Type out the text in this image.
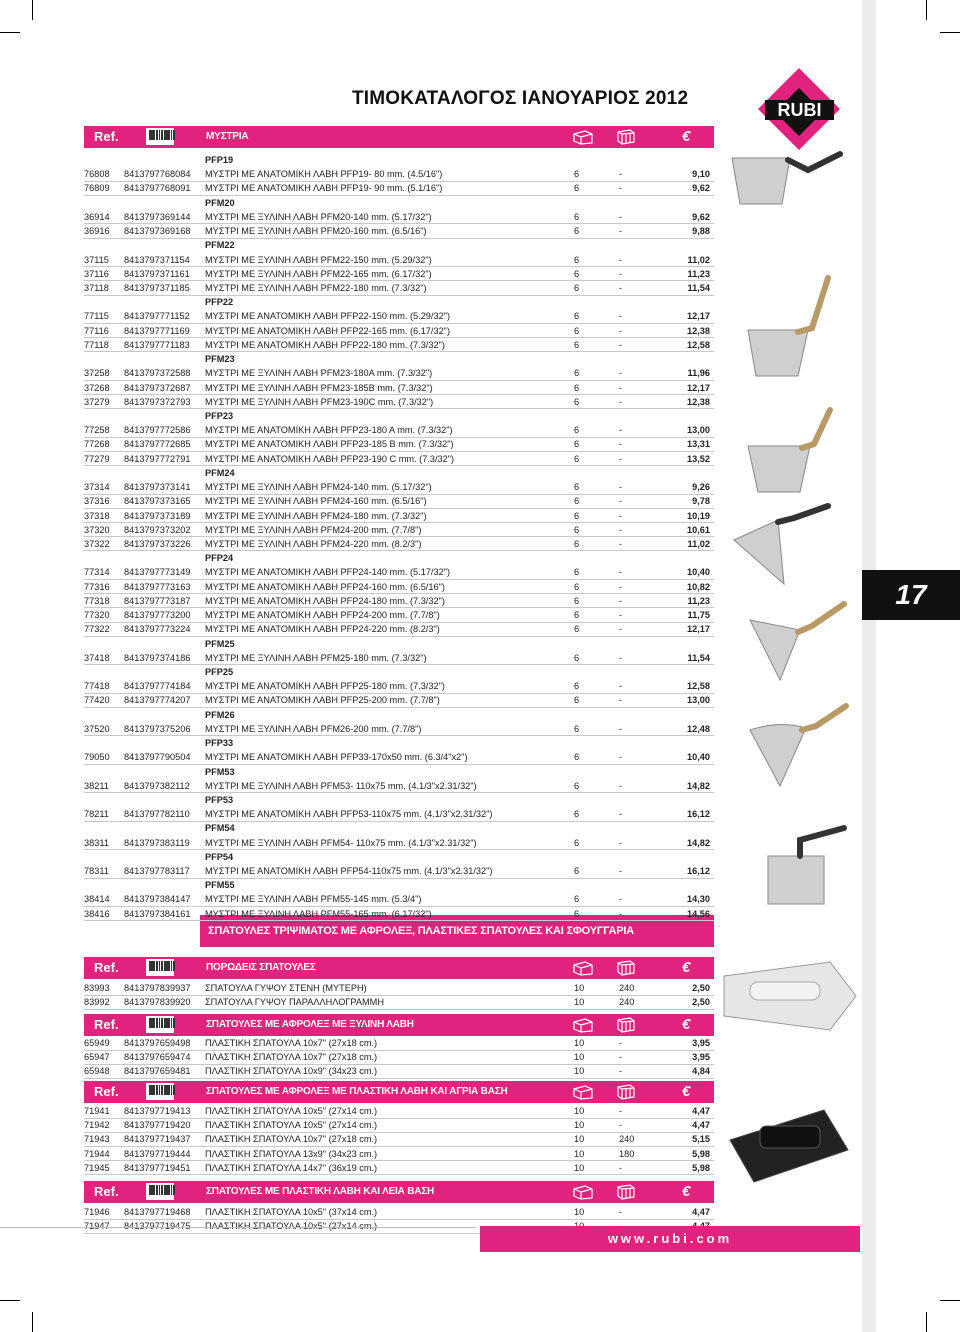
ΤΙΜΟΚΑΤΑΛΟΓΟΣ ΙΑΝΟΥΑΡΙΟΣ 2012
RUBI
17
ΣΠΑΤΟΥΛΕΣ ΤΡΙΨΙΜΑΤΟΣ ΜΕ ΑΦΡΟΛΕΞ, ΠΛΑΣΤΙΚΕΣ ΣΠΑΤΟΥΛΕΣ ΚΑΙ ΣΦΟΥΓΓΑΡΙΑ
Ref.	ΜΥΣΤΡΙΑ	€
Ref.	ΠΟΡΩΔΕΙΣ ΣΠΑΤΟΥΛΕΣ	€
Ref.	ΣΠΑΤΟΥΛΕΣ ΜΕ ΑΦΡΟΛΕΞ ΜΕ ΞΥΛΙΝΗ ΛΑΒΗ	€
Ref.	ΣΠΑΤΟΥΛΕΣ ΜΕ ΑΦΡΟΛΕΞ ΜΕ ΠΛΑΣΤΙΚΗ ΛΑΒΗ ΚΑΙ ΑΓΡΙΑ ΒΑΣΗ	€
Ref.	ΣΠΑΤΟΥΛΕΣ ΜΕ ΠΛΑΣΤΙΚΗ ΛΑΒΗ ΚΑΙ ΛΕΙΑ ΒΑΣΗ	€
PFP19
76808 8413797768084 ΜΥΣΤΡΙ ΜΕ ΑΝΑΤΟΜΙΚΗ ΛΑΒΗ PFP19- 80 mm. (4.5/16")	6	-	9,10
76809 8413797768091 ΜΥΣΤΡΙ ΜΕ ΑΝΑΤΟΜΙΚΗ ΛΑΒΗ PFP19- 90 mm. (5.1/16")	6	-	9,62
PFM20
36914 8413797369144 ΜΥΣΤΡΙ ΜΕ ΞΥΛΙΝΗ ΛΑΒΗ PFM20-140 mm. (5.17/32")	6	-	9,62
36916 8413797369168 ΜΥΣΤΡΙ ΜΕ ΞΥΛΙΝΗ ΛΑΒΗ PFM20-160 mm. (6.5/16")	6	-	9,88
PFM22
37115 8413797371154 ΜΥΣΤΡΙ ΜΕ ΞΥΛΙΝΗ ΛΑΒΗ PFM22-150 mm. (5.29/32")	6	-	11,02
37116 8413797371161 ΜΥΣΤΡΙ ΜΕ ΞΥΛΙΝΗ ΛΑΒΗ PFM22-165 mm. (6.17/32")	6	-	11,23
37118 8413797371185 ΜΥΣΤΡΙ ΜΕ ΞΥΛΙΝΗ ΛΑΒΗ PFM22-180 mm. (7.3/32")	6	-	11,54
PFP22
77115 8413797771152 ΜΥΣΤΡΙ ΜΕ ΑΝΑΤΟΜΙΚΗ ΛΑΒΗ PFP22-150 mm. (5.29/32")	6	-	12,17
77116 8413797771169 ΜΥΣΤΡΙ ΜΕ ΑΝΑΤΟΜΙΚΗ ΛΑΒΗ PFP22-165 mm. (6.17/32")	6	-	12,38
77118 8413797771183 ΜΥΣΤΡΙ ΜΕ ΑΝΑΤΟΜΙΚΗ ΛΑΒΗ PFP22-180 mm. (7.3/32")	6	-	12,58
PFM23
37258 8413797372588 ΜΥΣΤΡΙ ΜΕ ΞΥΛΙΝΗ ΛΑΒΗ PFM23-180A mm. (7.3/32")	6	-	11,96
37268 8413797372687 ΜΥΣΤΡΙ ΜΕ ΞΥΛΙΝΗ ΛΑΒΗ PFM23-185B mm. (7.3/32")	6	-	12,17
37279 8413797372793 ΜΥΣΤΡΙ ΜΕ ΞΥΛΙΝΗ ΛΑΒΗ PFM23-190C mm. (7.3/32")	6	-	12,38
PFP23
77258 8413797772586 ΜΥΣΤΡΙ ΜΕ ΑΝΑΤΟΜΙΚΗ ΛΑΒΗ PFP23-180 A mm. (7.3/32")	6	-	13,00
77268 8413797772685 ΜΥΣΤΡΙ ΜΕ ΑΝΑΤΟΜΙΚΗ ΛΑΒΗ PFP23-185 B mm. (7.3/32")	6	-	13,31
77279 8413797772791 ΜΥΣΤΡΙ ΜΕ ΑΝΑΤΟΜΙΚΗ ΛΑΒΗ PFP23-190 C mm. (7.3/32")	6	-	13,52
PFM24
37314 8413797373141 ΜΥΣΤΡΙ ΜΕ ΞΥΛΙΝΗ ΛΑΒΗ PFM24-140 mm. (5.17/32")	6	-	9,26
37316 8413797373165 ΜΥΣΤΡΙ ΜΕ ΞΥΛΙΝΗ ΛΑΒΗ PFM24-160 mm. (6.5/16")	6	-	9,78
37318 8413797373189 ΜΥΣΤΡΙ ΜΕ ΞΥΛΙΝΗ ΛΑΒΗ PFM24-180 mm. (7.3/32")	6	-	10,19
37320 8413797373202 ΜΥΣΤΡΙ ΜΕ ΞΥΛΙΝΗ ΛΑΒΗ PFM24-200 mm. (7.7/8")	6	-	10,61
37322 8413797373226 ΜΥΣΤΡΙ ΜΕ ΞΥΛΙΝΗ ΛΑΒΗ PFM24-220 mm. (8.2/3")	6	-	11,02
PFP24
77314 8413797773149 ΜΥΣΤΡΙ ΜΕ ΑΝΑΤΟΜΙΚΗ ΛΑΒΗ PFP24-140 mm. (5.17/32")	6	-	10,40
77316 8413797773163 ΜΥΣΤΡΙ ΜΕ ΑΝΑΤΟΜΙΚΗ ΛΑΒΗ PFP24-160 mm. (6.5/16")	6	-	10,82
77318 8413797773187 ΜΥΣΤΡΙ ΜΕ ΑΝΑΤΟΜΙΚΗ ΛΑΒΗ PFP24-180 mm. (7.3/32")	6	-	11,23
77320 8413797773200 ΜΥΣΤΡΙ ΜΕ ΑΝΑΤΟΜΙΚΗ ΛΑΒΗ PFP24-200 mm. (7.7/8")	6	-	11,75
77322 8413797773224 ΜΥΣΤΡΙ ΜΕ ΑΝΑΤΟΜΙΚΗ ΛΑΒΗ PFP24-220 mm. (8.2/3")	6	-	12,17
PFM25
37418 8413797374186 ΜΥΣΤΡΙ ΜΕ ΞΥΛΙΝΗ ΛΑΒΗ PFM25-180 mm. (7.3/32")	6	-	11,54
PFP25
77418 8413797774184 ΜΥΣΤΡΙ ΜΕ ΑΝΑΤΟΜΙΚΗ ΛΑΒΗ PFP25-180 mm. (7.3/32")	6	-	12,58
77420 8413797774207 ΜΥΣΤΡΙ ΜΕ ΑΝΑΤΟΜΙΚΗ ΛΑΒΗ PFP25-200 mm. (7.7/8")	6	-	13,00
PFM26
37520 8413797375206 ΜΥΣΤΡΙ ΜΕ ΞΥΛΙΝΗ ΛΑΒΗ PFM26-200 mm. (7.7/8")	6	-	12,48
PFP33
79050 8413797790504 ΜΥΣΤΡΙ ΜΕ ΑΝΑΤΟΜΙΚΗ ΛΑΒΗ PFP33-170x50 mm. (6.3/4"x2")	6	-	10,40
PFM53
38211 8413797382112 ΜΥΣΤΡΙ ΜΕ ΞΥΛΙΝΗ ΛΑΒΗ PFM53- 110x75 mm. (4.1/3"x2.31/32")	6	-	14,82
PFP53
78211 8413797782110 ΜΥΣΤΡΙ ΜΕ ΑΝΑΤΟΜΙΚΗ ΛΑΒΗ PFP53-110x75 mm. (4.1/3"x2.31/32")	6	-	16,12
PFM54
38311 8413797383119 ΜΥΣΤΡΙ ΜΕ ΞΥΛΙΝΗ ΛΑΒΗ PFM54- 110x75 mm. (4.1/3"x2.31/32")	6	-	14,82
PFP54
78311 8413797783117 ΜΥΣΤΡΙ ΜΕ ΑΝΑΤΟΜΙΚΗ ΛΑΒΗ PFP54-110x75 mm. (4.1/3"x2.31/32")	6	-	16,12
PFM55
38414 8413797384147 ΜΥΣΤΡΙ ΜΕ ΞΥΛΙΝΗ ΛΑΒΗ PFM55-145 mm. (5.3/4")	6	-	14,30
38416 8413797384161 ΜΥΣΤΡΙ ΜΕ ΞΥΛΙΝΗ ΛΑΒΗ PFM55-165 mm. (6.17/32")	6	-	14,56
83993 8413797839937 ΣΠΑΤΟΥΛΑ ΓΥΨΟΥ ΣΤΕΝΗ (ΜΥΤΕΡΗ)	10	240	2,50
83992 8413797839920 ΣΠΑΤΟΥΛΑ ΓΥΨΟΥ ΠΑΡΑΛΛΗΛΟΓΡΑΜΜΗ	10	240	2,50
65949 8413797659498 ΠΛΑΣΤΙΚΗ ΣΠΑΤΟΥΛΑ 10x7" (27x18 cm.)	10	-	3,95
65947 8413797659474 ΠΛΑΣΤΙΚΗ ΣΠΑΤΟΥΛΑ 10x7" (27x18 cm.)	10	-	3,95
65948 8413797659481 ΠΛΑΣΤΙΚΗ ΣΠΑΤΟΥΛΑ 10x9" (34x23 cm.)	10	-	4,84
71941 8413797719413 ΠΛΑΣΤΙΚΗ ΣΠΑΤΟΥΛΑ 10x5" (27x14 cm.)	10	-	4,47
71942 8413797719420 ΠΛΑΣΤΙΚΗ ΣΠΑΤΟΥΛΑ 10x5" (27x14 cm.)	10	-	4,47
71943 8413797719437 ΠΛΑΣΤΙΚΗ ΣΠΑΤΟΥΛΑ 10x7" (27x18 cm.)	10	240	5,15
71944 8413797719444 ΠΛΑΣΤΙΚΗ ΣΠΑΤΟΥΛΑ 13x9" (34x23 cm.)	10	180	5,98
71945 8413797719451 ΠΛΑΣΤΙΚΗ ΣΠΑΤΟΥΛΑ 14x7" (36x19 cm.)	10	-	5,98
71946 8413797719468 ΠΛΑΣΤΙΚΗ ΣΠΑΤΟΥΛΑ 10x5" (37x14 cm.)	10	-	4,47
www.rubi.com
